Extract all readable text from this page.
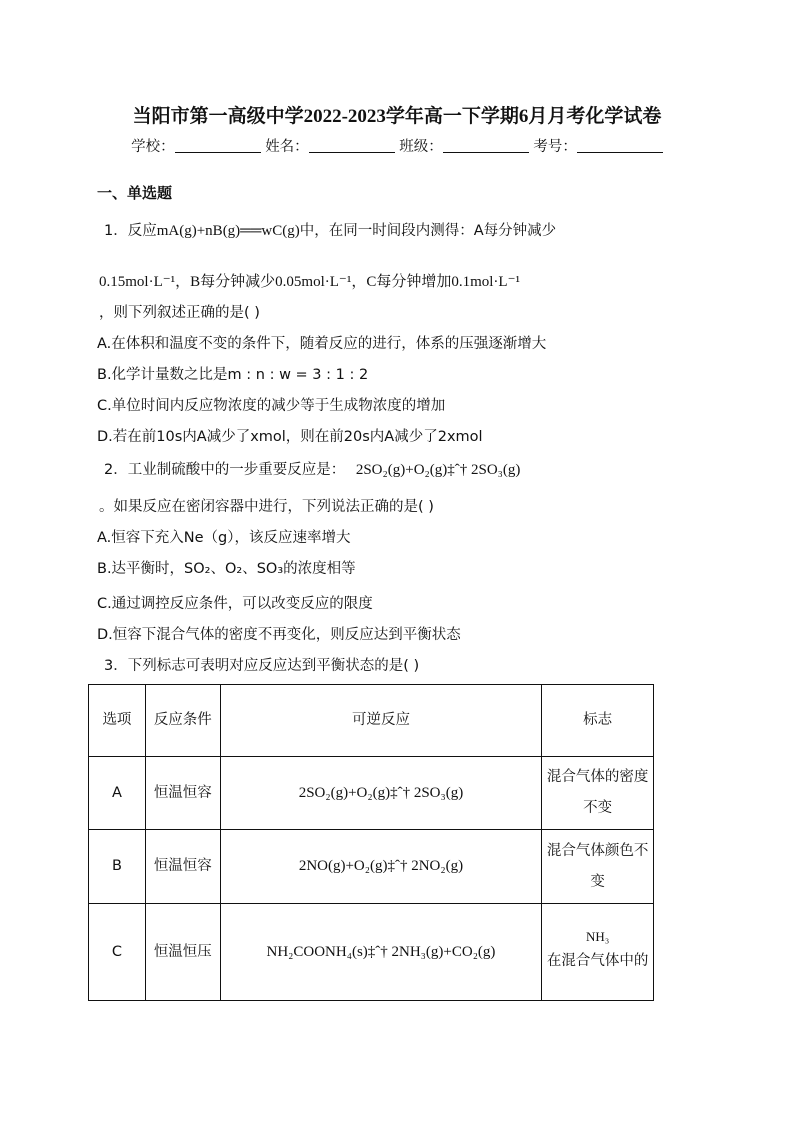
当阳市第一高级中学2022-2023学年高一下学期6月月考化学试卷
学校：	姓名：	班级：	考号：
一、单选题
1．反应mA(g)+nB(g)══wC(g)中，在同一时间段内测得：A每分钟减少
0.15mol·L⁻¹，B每分钟减少0.05mol·L⁻¹，C每分钟增加0.1mol·L⁻¹
，则下列叙述正确的是( )
A.在体积和温度不变的条件下，随着反应的进行，体系的压强逐渐增大
B.化学计量数之比是m : n : w = 3 : 1 : 2
C.单位时间内反应物浓度的减少等于生成物浓度的增加
D.若在前10s内A减少了xmol，则在前20s内A减少了2xmol
2．工业制硫酸中的一步重要反应是： 2SO₂(g)+O₂(g)‡ˆ† 2SO₃(g)
。如果反应在密闭容器中进行，下列说法正确的是( )
A.恒容下充入Ne（g），该反应速率增大
B.达平衡时，SO₂、O₂、SO₃的浓度相等
C.通过调控反应条件，可以改变反应的限度
D.恒容下混合气体的密度不再变化，则反应达到平衡状态
3．下列标志可表明对应反应达到平衡状态的是( )
选项	反应条件	可逆反应	标志
A	恒温恒容	2SO₂(g)+O₂(g)‡ˆ† 2SO₃(g)	混合气体的密度不变
B	恒温恒容	2NO(g)+O₂(g)‡ˆ† 2NO₂(g)	混合气体颜色不变
C	恒温恒压	NH₂COONH₄(s)‡ˆ† 2NH₃(g)+CO₂(g)	NH₃
在混合气体中的
